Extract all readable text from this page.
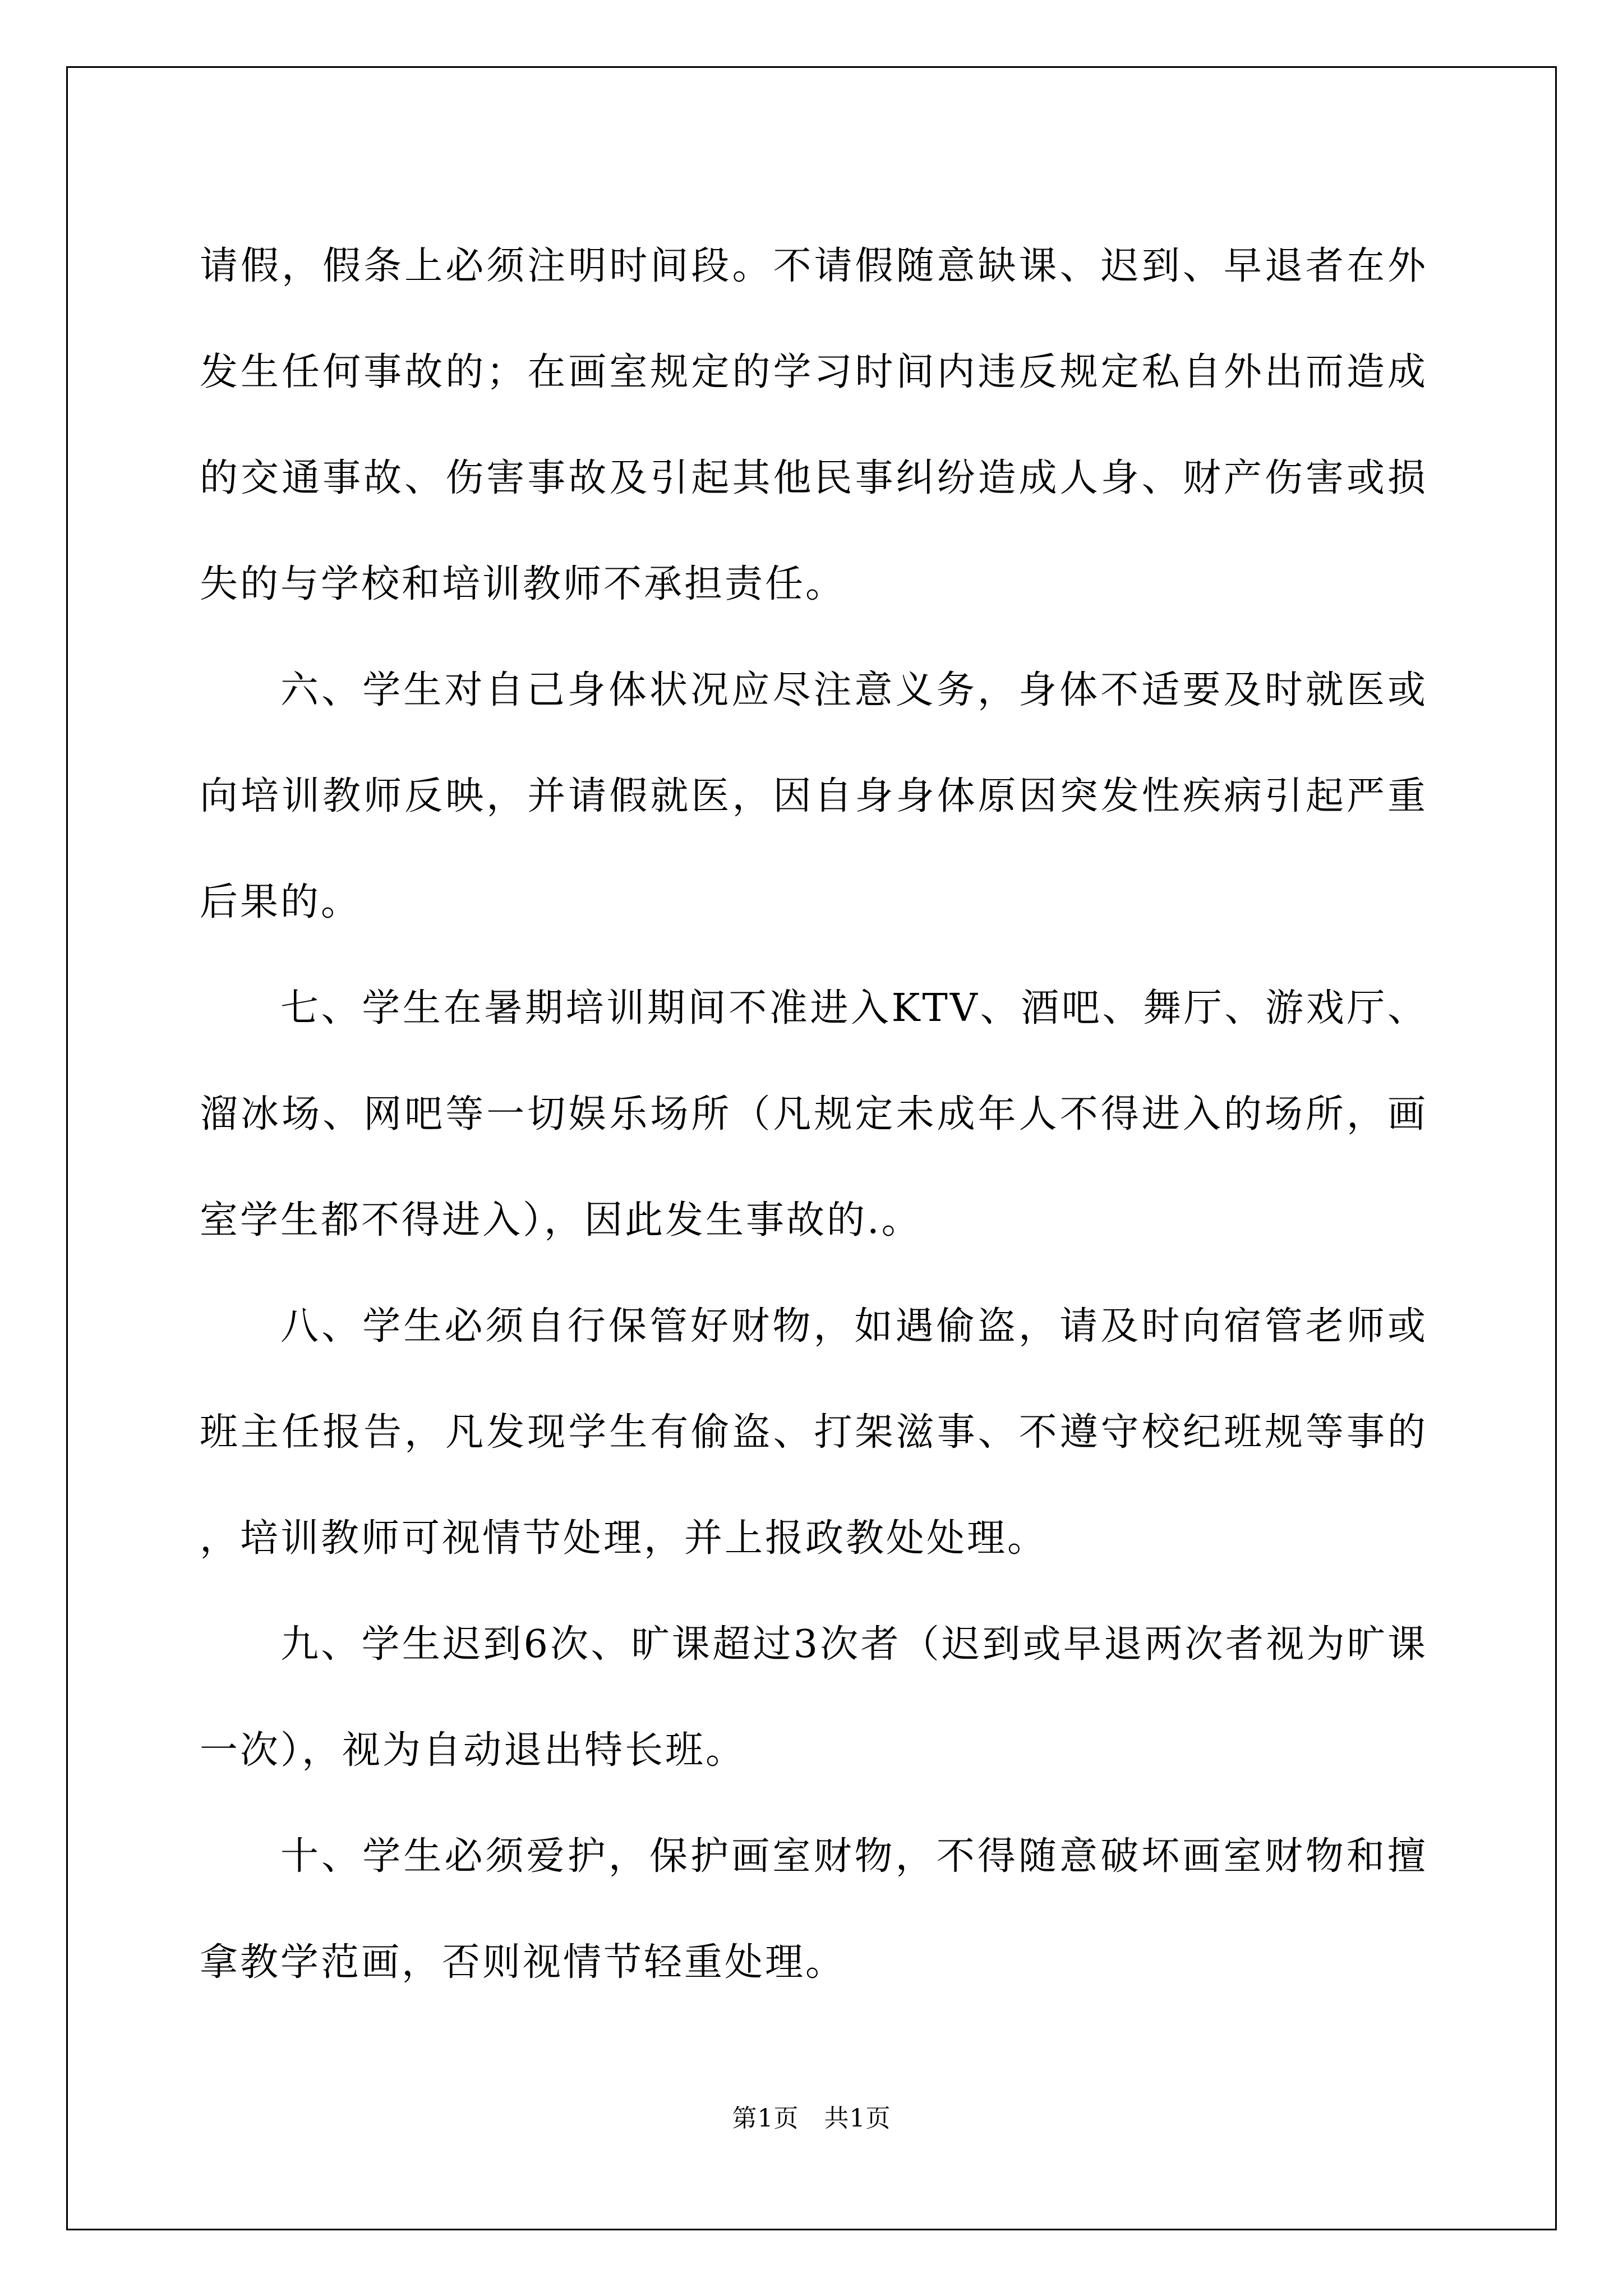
请假，假条上必须注明时间段。不请假随意缺课、迟到、早退者在外发生任何事故的；在画室规定的学习时间内违反规定私自外出而造成的交通事故、伤害事故及引起其他民事纠纷造成人身、财产伤害或损失的与学校和培训教师不承担责任。

六、学生对自己身体状况应尽注意义务，身体不适要及时就医或向培训教师反映，并请假就医，因自身身体原因突发性疾病引起严重后果的。

七、学生在暑期培训期间不准进入KTV、酒吧、舞厅、游戏厅、溜冰场、网吧等一切娱乐场所（凡规定未成年人不得进入的场所，画室学生都不得进入），因此发生事故的.。

八、学生必须自行保管好财物，如遇偷盗，请及时向宿管老师或班主任报告，凡发现学生有偷盗、打架滋事、不遵守校纪班规等事的，培训教师可视情节处理，并上报政教处处理。

九、学生迟到6次、旷课超过3次者（迟到或早退两次者视为旷课一次），视为自动退出特长班。

十、学生必须爱护，保护画室财物，不得随意破坏画室财物和擅拿教学范画，否则视情节轻重处理。

第1页　共1页
